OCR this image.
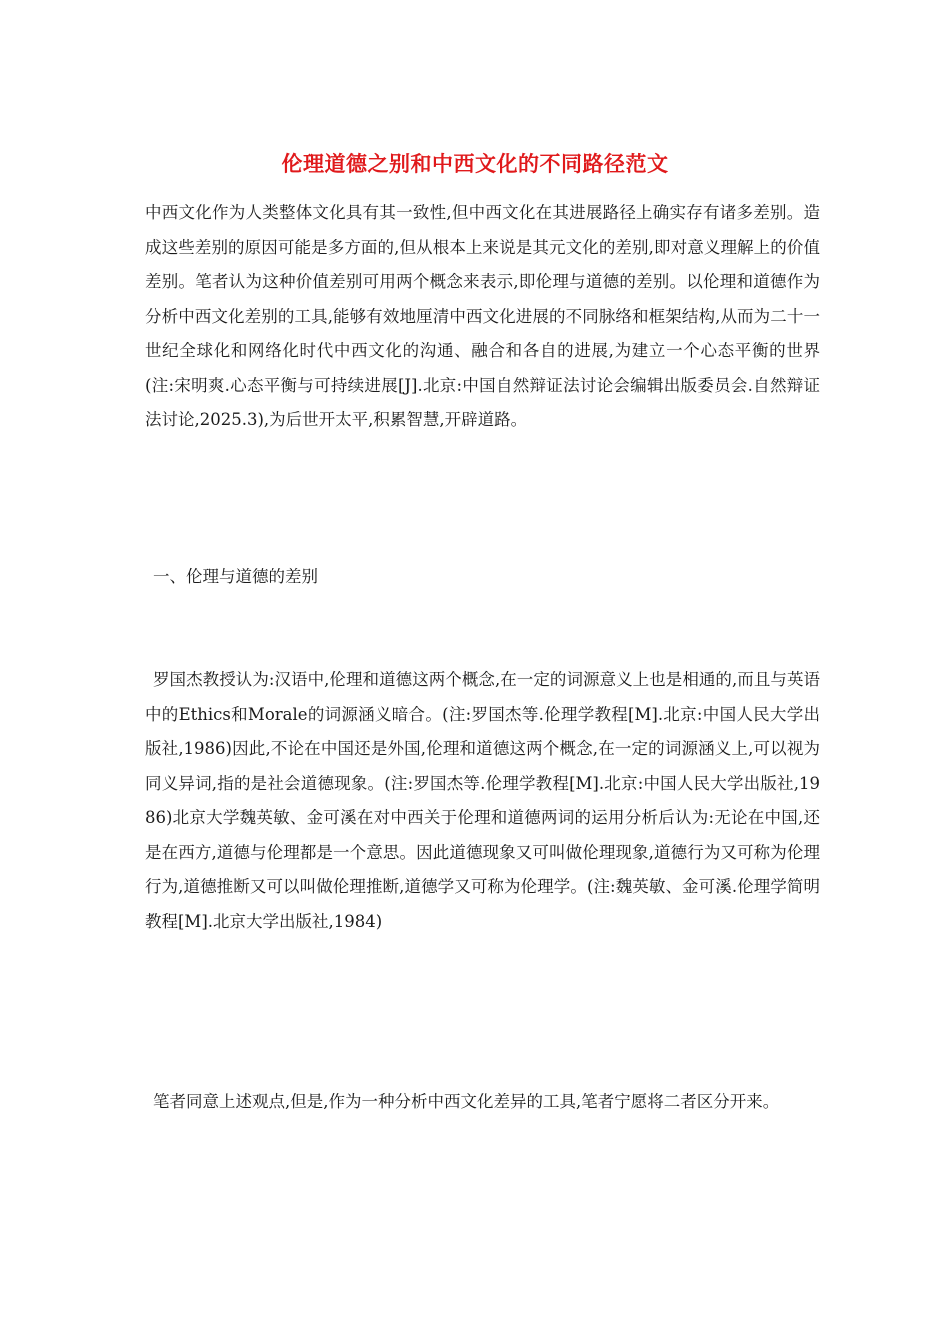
伦理道德之别和中西文化的不同路径范文

中西文化作为人类整体文化具有其一致性,但中西文化在其进展路径上确实存有诸多差别。造成这些差别的原因可能是多方面的,但从根本上来说是其元文化的差别,即对意义理解上的价值差别。笔者认为这种价值差别可用两个概念来表示,即伦理与道德的差别。以伦理和道德作为分析中西文化差别的工具,能够有效地厘清中西文化进展的不同脉络和框架结构,从而为二十一世纪全球化和网络化时代中西文化的沟通、融合和各自的进展,为建立一个心态平衡的世界(注:宋明爽.心态平衡与可持续进展[J].北京:中国自然辩证法讨论会编辑出版委员会.自然辩证法讨论,2025.3),为后世开太平,积累智慧,开辟道路。

一、伦理与道德的差别

罗国杰教授认为:汉语中,伦理和道德这两个概念,在一定的词源意义上也是相通的,而且与英语中的Ethics和Morale的词源涵义暗合。(注:罗国杰等.伦理学教程[M].北京:中国人民大学出版社,1986)因此,不论在中国还是外国,伦理和道德这两个概念,在一定的词源涵义上,可以视为同义异词,指的是社会道德现象。(注:罗国杰等.伦理学教程[M].北京:中国人民大学出版社,1986)北京大学魏英敏、金可溪在对中西关于伦理和道德两词的运用分析后认为:无论在中国,还是在西方,道德与伦理都是一个意思。因此道德现象又可叫做伦理现象,道德行为又可称为伦理行为,道德推断又可以叫做伦理推断,道德学又可称为伦理学。(注:魏英敏、金可溪.伦理学简明教程[M].北京大学出版社,1984)

笔者同意上述观点,但是,作为一种分析中西文化差异的工具,笔者宁愿将二者区分开来。
